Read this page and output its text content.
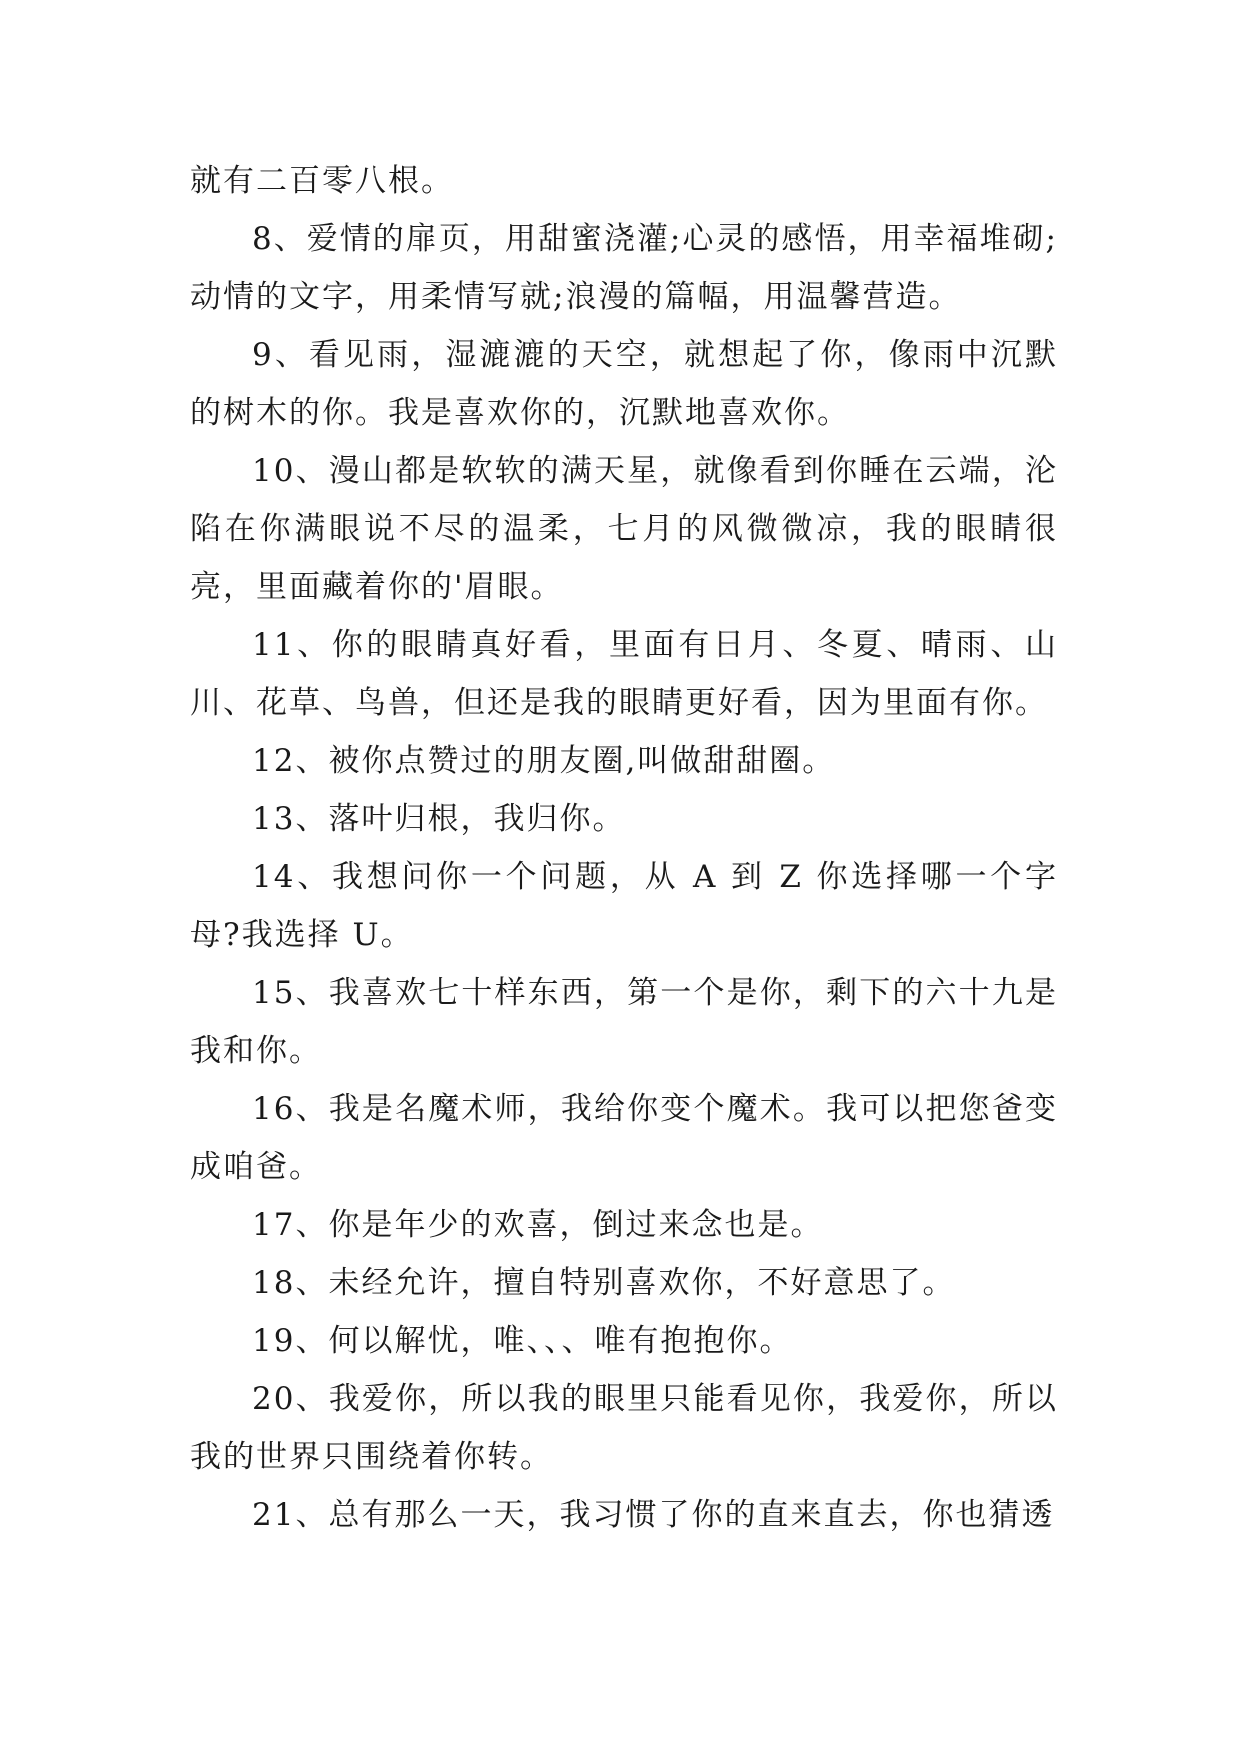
就有二百零八根。

8、爱情的扉页，用甜蜜浇灌;心灵的感悟，用幸福堆砌;动情的文字，用柔情写就;浪漫的篇幅，用温馨营造。

9、看见雨，湿漉漉的天空，就想起了你，像雨中沉默的树木的你。我是喜欢你的，沉默地喜欢你。

10、漫山都是软软的满天星，就像看到你睡在云端，沦陷在你满眼说不尽的温柔，七月的风微微凉，我的眼睛很亮，里面藏着你的'眉眼。

11、你的眼睛真好看，里面有日月、冬夏、晴雨、山川、花草、鸟兽，但还是我的眼睛更好看，因为里面有你。

12、被你点赞过的朋友圈,叫做甜甜圈。

13、落叶归根，我归你。

14、我想问你一个问题，从 A 到 Z 你选择哪一个字母?我选择 U。

15、我喜欢七十样东西，第一个是你，剩下的六十九是我和你。

16、我是名魔术师，我给你变个魔术。我可以把您爸变成咱爸。

17、你是年少的欢喜，倒过来念也是。

18、未经允许，擅自特别喜欢你，不好意思了。

19、何以解忧，唯、、、唯有抱抱你。

20、我爱你，所以我的眼里只能看见你，我爱你，所以我的世界只围绕着你转。

21、总有那么一天，我习惯了你的直来直去，你也猜透
